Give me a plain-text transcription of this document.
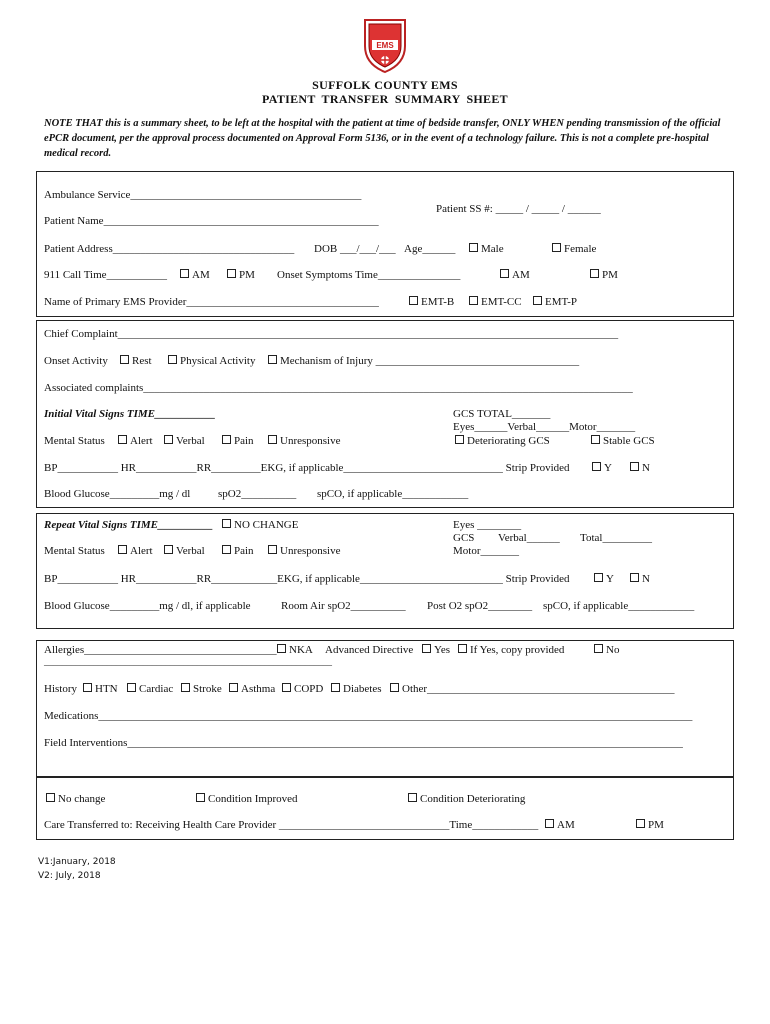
EMS
SUFFOLK COUNTY EMS
PATIENT TRANSFER SUMMARY SHEET
NOTE THAT this is a summary sheet, to be left at the hospital with the patient at time of bedside transfer, ONLY WHEN pending transmission of the official ePCR document, per the approval process documented on Approval Form 5136, or in the event of a technology failure. This is not a complete pre-hospital medical record.
Ambulance Service__________________________________________
Patient SS #: _____ / _____ / ______
Patient Name__________________________________________________
Patient Address_________________________________ DOB ___/___/___ Age______	Male	Female
911 Call Time___________	AM	PM Onset Symptoms Time_______________	AM	PM
Name of Primary EMS Provider___________________________________	EMT-B	EMT-CC	EMT-P
Chief Complaint___________________________________________________________________________________________
Onset Activity	Rest	Physical Activity	Mechanism of Injury _____________________________________
Associated complaints_________________________________________________________________________________________
Initial Vital Signs TIME___________	GCS TOTAL_______
Eyes______Verbal______Motor_______
Mental Status	Alert	Verbal	Pain	Unresponsive	Deteriorating GCS	Stable GCS
BP___________ HR___________RR_________EKG, if applicable_____________________________ Strip Provided	Y	N
Blood Glucose_________mg / dl	spO2__________ spCO, if applicable____________
Repeat Vital Signs TIME__________	NO CHANGE	Eyes ________
GCS Verbal______ Total_________
Motor_______
Mental Status	Alert	Verbal	Pain	Unresponsive
BP___________ HR___________RR____________EKG, if applicable__________________________ Strip Provided	Y	N
Blood Glucose_________mg / dl, if applicable	Room Air spO2__________ Post O2 spO2________ spCO, if applicable____________
Allergies___________________________________	NKA Advanced Directive	Yes	If Yes, copy provided	No
________________________________________________________________
History	HTN	Cardiac	Stroke	Asthma	COPD	Diabetes	Other_____________________________________________
Medications____________________________________________________________________________________________________________
Field Interventions_____________________________________________________________________________________________________
No change	Condition Improved	Condition Deteriorating
Care Transferred to: Receiving Health Care Provider _______________________________Time____________	AM	PM
V1:January, 2018
V2: July, 2018
